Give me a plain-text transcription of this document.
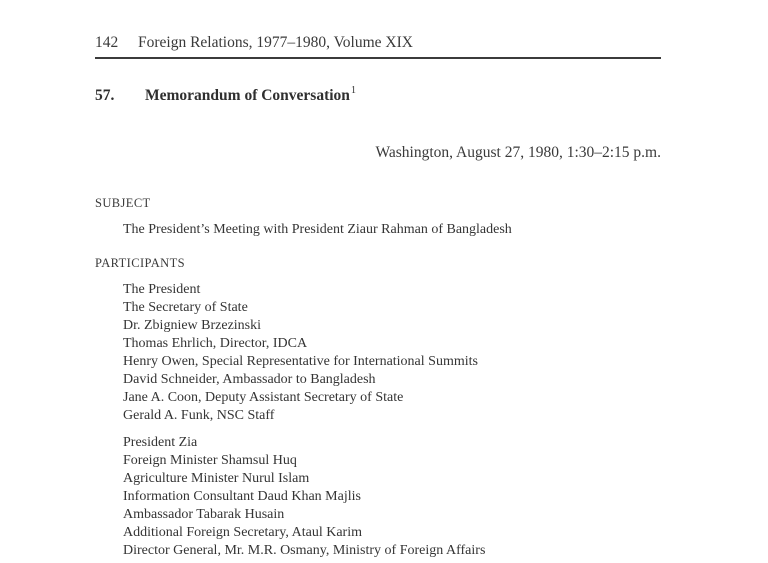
142	Foreign Relations, 1977–1980, Volume XIX
57.	Memorandum of Conversation$^1$
Washington, August 27, 1980, 1:30–2:15 p.m.
SUBJECT
The President’s Meeting with President Ziaur Rahman of Bangladesh
PARTICIPANTS
The President
The Secretary of State
Dr. Zbigniew Brzezinski
Thomas Ehrlich, Director, IDCA
Henry Owen, Special Representative for International Summits
David Schneider, Ambassador to Bangladesh
Jane A. Coon, Deputy Assistant Secretary of State
Gerald A. Funk, NSC Staff
President Zia
Foreign Minister Shamsul Huq
Agriculture Minister Nurul Islam
Information Consultant Daud Khan Majlis
Ambassador Tabarak Husain
Additional Foreign Secretary, Ataul Karim
Director General, Mr. M.R. Osmany, Ministry of Foreign Affairs
